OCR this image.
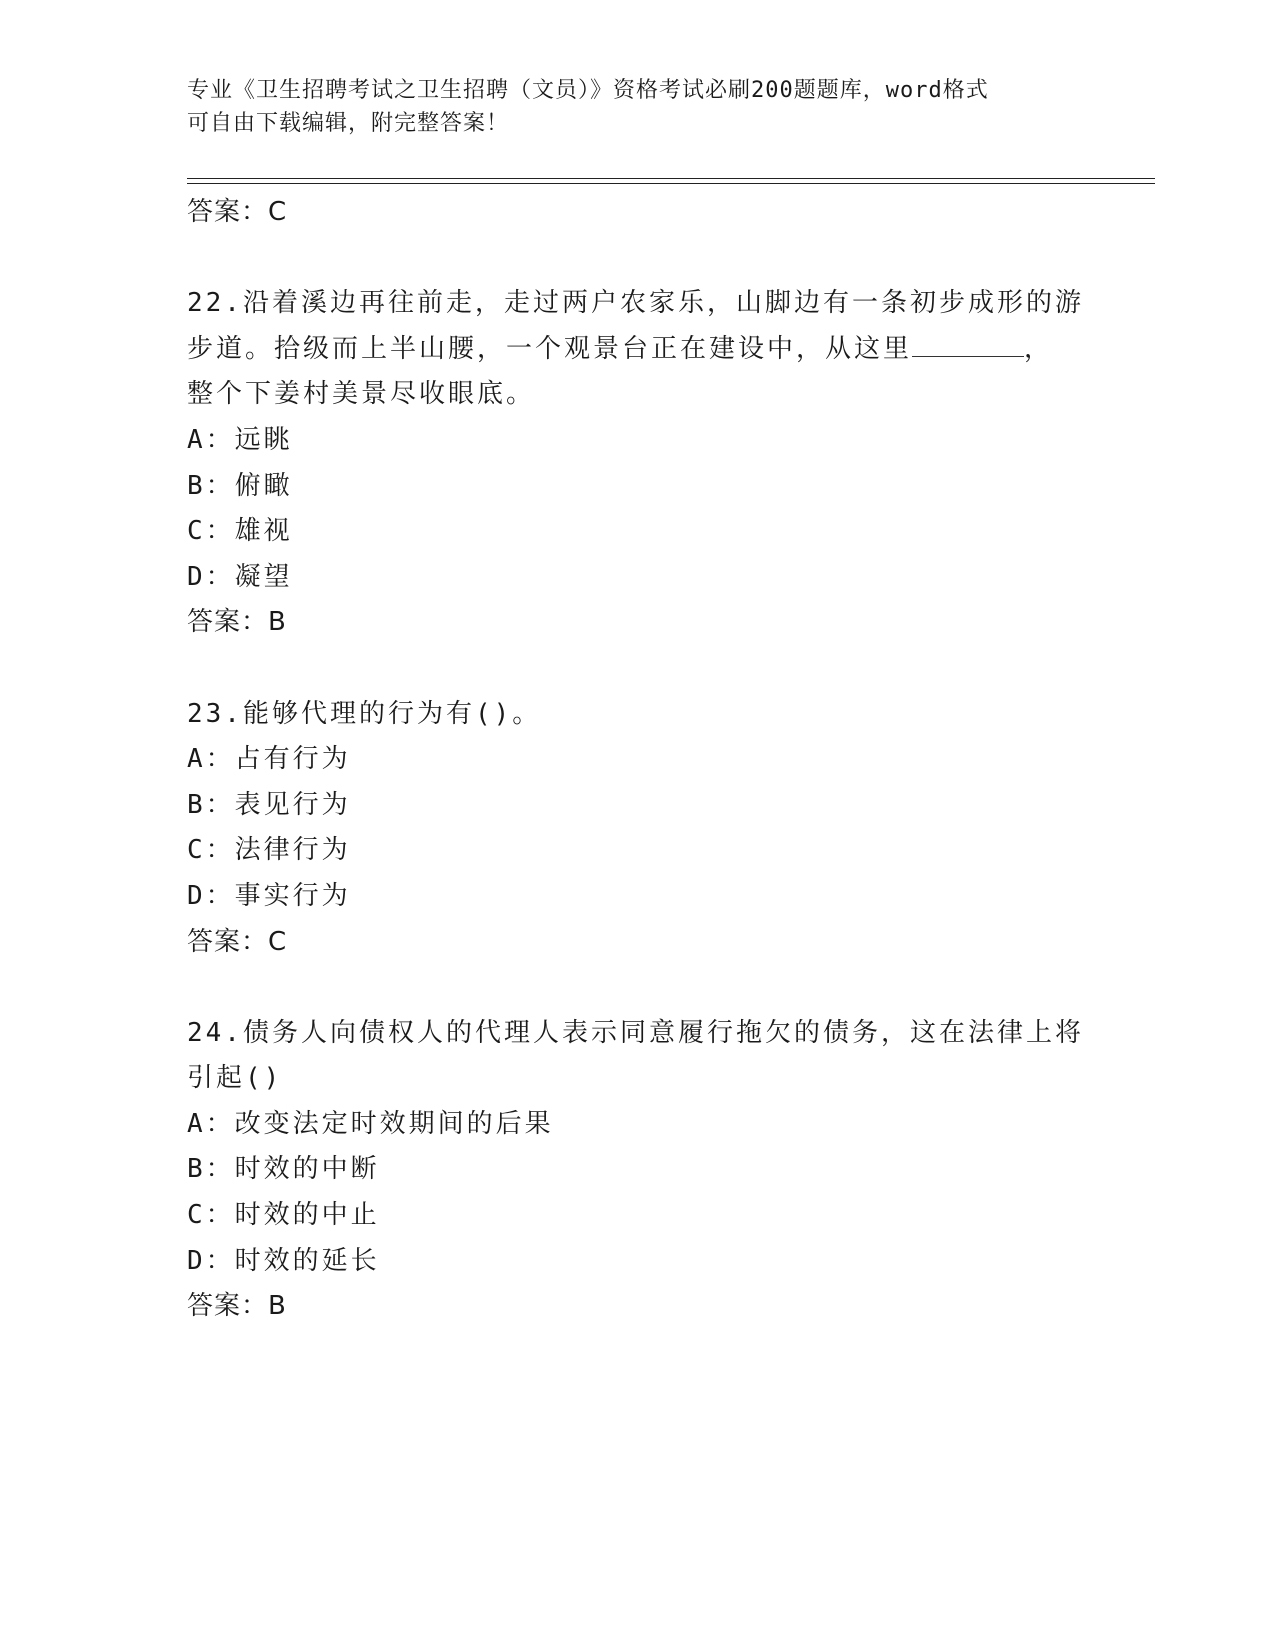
专业《卫生招聘考试之卫生招聘（文员）》资格考试必刷200题题库，word格式
可自由下载编辑，附完整答案！
答案：C
22.沿着溪边再往前走，走过两户农家乐，山脚边有一条初步成形的游
步道。拾级而上半山腰，一个观景台正在建设中，从这里	，
整个下姜村美景尽收眼底。
A：远眺
B：俯瞰
C：雄视
D：凝望
答案：B
23.能够代理的行为有()。
A：占有行为
B：表见行为
C：法律行为
D：事实行为
答案：C
24.债务人向债权人的代理人表示同意履行拖欠的债务，这在法律上将
引起()
A：改变法定时效期间的后果
B：时效的中断
C：时效的中止
D：时效的延长
答案：B
